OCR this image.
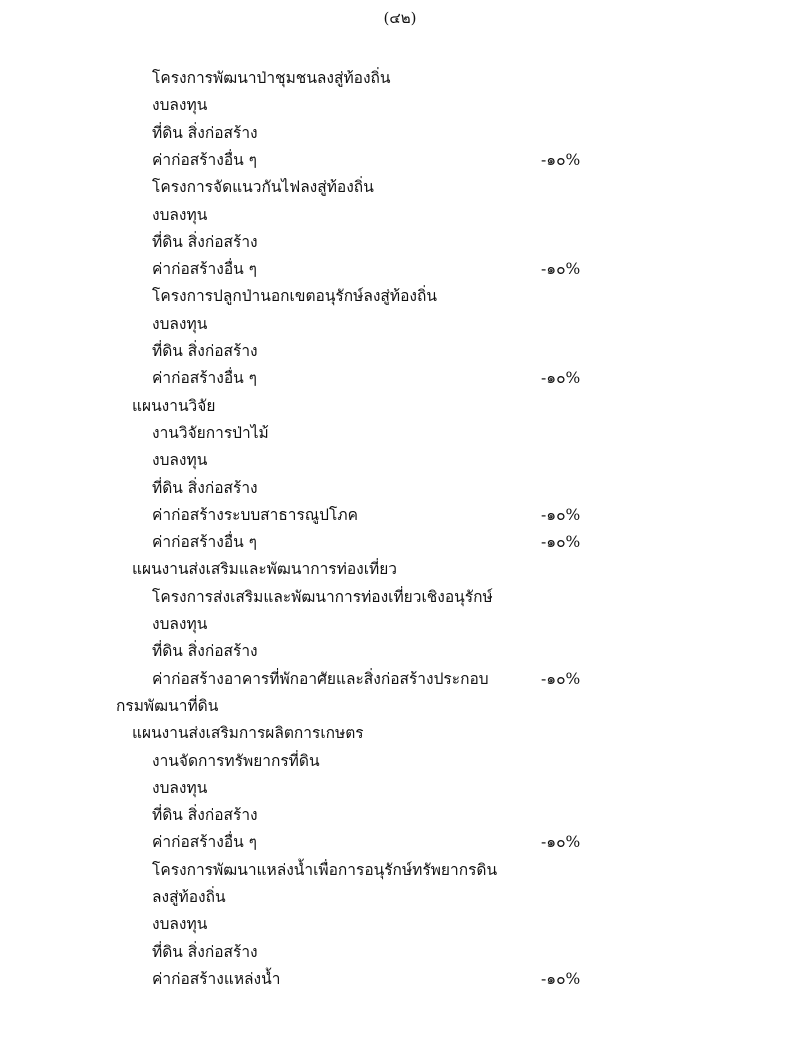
(๔๒)
โครงการพัฒนาป่าชุมชนลงสู่ท้องถิ่น
งบลงทุน
ที่ดิน สิ่งก่อสร้าง
ค่าก่อสร้างอื่น ๆ	-๑๐%
โครงการจัดแนวกันไฟลงสู่ท้องถิ่น
งบลงทุน
ที่ดิน สิ่งก่อสร้าง
ค่าก่อสร้างอื่น ๆ	-๑๐%
โครงการปลูกป่านอกเขตอนุรักษ์ลงสู่ท้องถิ่น
งบลงทุน
ที่ดิน สิ่งก่อสร้าง
ค่าก่อสร้างอื่น ๆ	-๑๐%
แผนงานวิจัย
งานวิจัยการป่าไม้
งบลงทุน
ที่ดิน สิ่งก่อสร้าง
ค่าก่อสร้างระบบสาธารณูปโภค	-๑๐%
ค่าก่อสร้างอื่น ๆ	-๑๐%
แผนงานส่งเสริมและพัฒนาการท่องเที่ยว
โครงการส่งเสริมและพัฒนาการท่องเที่ยวเชิงอนุรักษ์
งบลงทุน
ที่ดิน สิ่งก่อสร้าง
ค่าก่อสร้างอาคารที่พักอาศัยและสิ่งก่อสร้างประกอบ	-๑๐%
กรมพัฒนาที่ดิน
แผนงานส่งเสริมการผลิตการเกษตร
งานจัดการทรัพยากรที่ดิน
งบลงทุน
ที่ดิน สิ่งก่อสร้าง
ค่าก่อสร้างอื่น ๆ	-๑๐%
โครงการพัฒนาแหล่งน้ำเพื่อการอนุรักษ์ทรัพยากรดิน
ลงสู่ท้องถิ่น
งบลงทุน
ที่ดิน สิ่งก่อสร้าง
ค่าก่อสร้างแหล่งน้ำ	-๑๐%
